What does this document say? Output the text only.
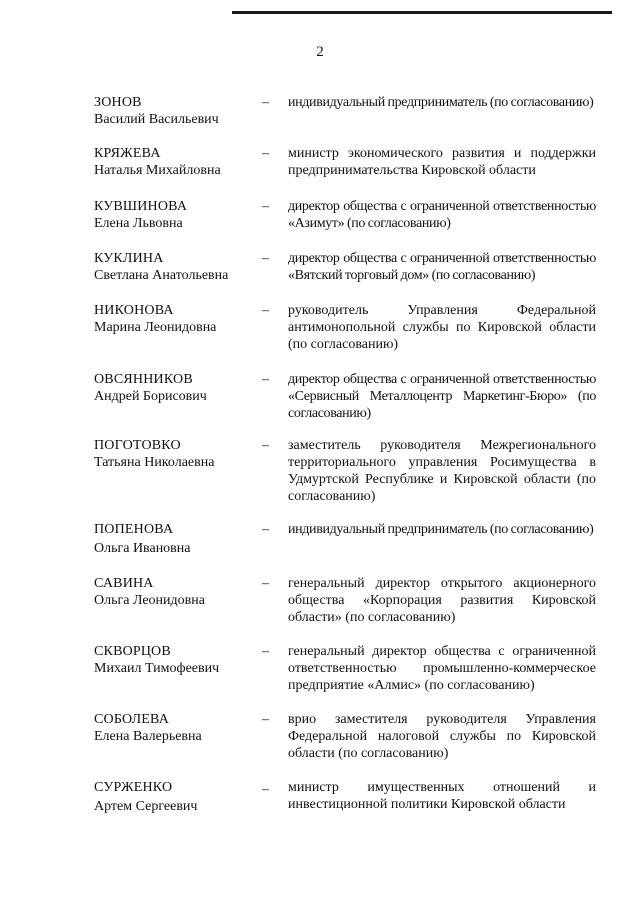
2
ЗОНОВ
Василий Васильевич
– индивидуальный предприниматель (по согласованию)
КРЯЖЕВА
Наталья Михайловна
– министр экономического развития и поддержки предпринимательства Кировской области
КУВШИНОВА
Елена Львовна
– директор общества с ограниченной ответственностью «Азимут» (по согласованию)
КУКЛИНА
Светлана Анатольевна
– директор общества с ограниченной ответственностью «Вятский торговый дом» (по согласованию)
НИКОНОВА
Марина Леонидовна
– руководитель Управления Федеральной антимонопольной службы по Кировской области (по согласованию)
ОВСЯННИКОВ
Андрей Борисович
– директор общества с ограниченной ответственностью «Сервисный Металлоцентр Маркетинг-Бюро» (по согласованию)
ПОГОТОВКО
Татьяна Николаевна
– заместитель руководителя Межрегионального территориального управления Росимущества в Удмуртской Республике и Кировской области (по согласованию)
ПОПЕНОВА
Ольга Ивановна
– индивидуальный предприниматель (по согласованию)
САВИНА
Ольга Леонидовна
– генеральный директор открытого акционерного общества «Корпорация развития Кировской области» (по согласованию)
СКВОРЦОВ
Михаил Тимофеевич
– генеральный директор общества с ограниченной ответственностью промышленно-коммерческое предприятие «Алмис» (по согласованию)
СОБОЛЕВА
Елена Валерьевна
– врио заместителя руководителя Управления Федеральной налоговой службы по Кировской области (по согласованию)
СУРЖЕНКО
Артем Сергеевич
– министр имущественных отношений и инвестиционной политики Кировской области
